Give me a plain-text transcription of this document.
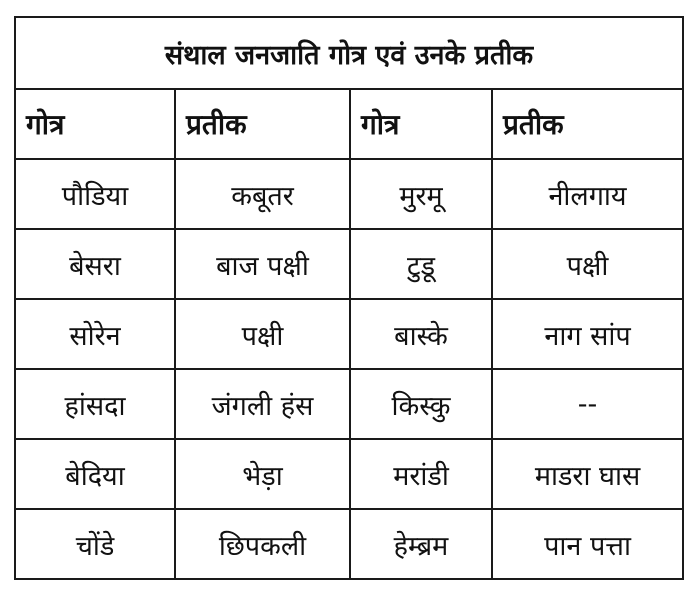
संथाल जनजाति गोत्र एवं उनके प्रतीक			
गोत्र	प्रतीक	गोत्र	प्रतीक
पौडिया	कबूतर	मुरमू	नीलगाय
बेसरा	बाज पक्षी	टुडू	पक्षी
सोरेन	पक्षी	बास्के	नाग सांप
हांसदा	जंगली हंस	किस्कु	--
बेदिया	भेड़ा	मरांडी	माडरा घास
चोंडे	छिपकली	हेम्ब्रम	पान पत्ता
